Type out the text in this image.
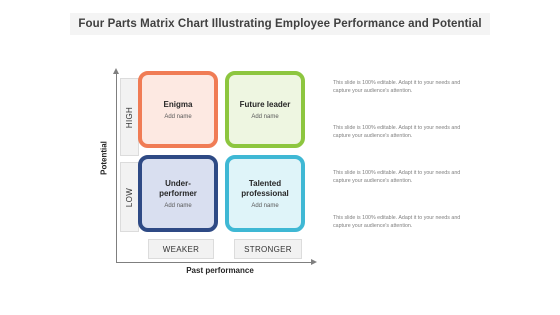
Four Parts Matrix Chart Illustrating Employee Performance and Potential
Potential
Past performance
HIGH
LOW
WEAKER	STRONGER
Enigma
Add name
Future leader
Add name
Under-
performer
Add name
Talented
professional
Add name
This slide is 100% editable. Adapt it to your needs and capture your audience's attention.
This slide is 100% editable. Adapt it to your needs and capture your audience's attention.
This slide is 100% editable. Adapt it to your needs and capture your audience's attention.
This slide is 100% editable. Adapt it to your needs and capture your audience's attention.
